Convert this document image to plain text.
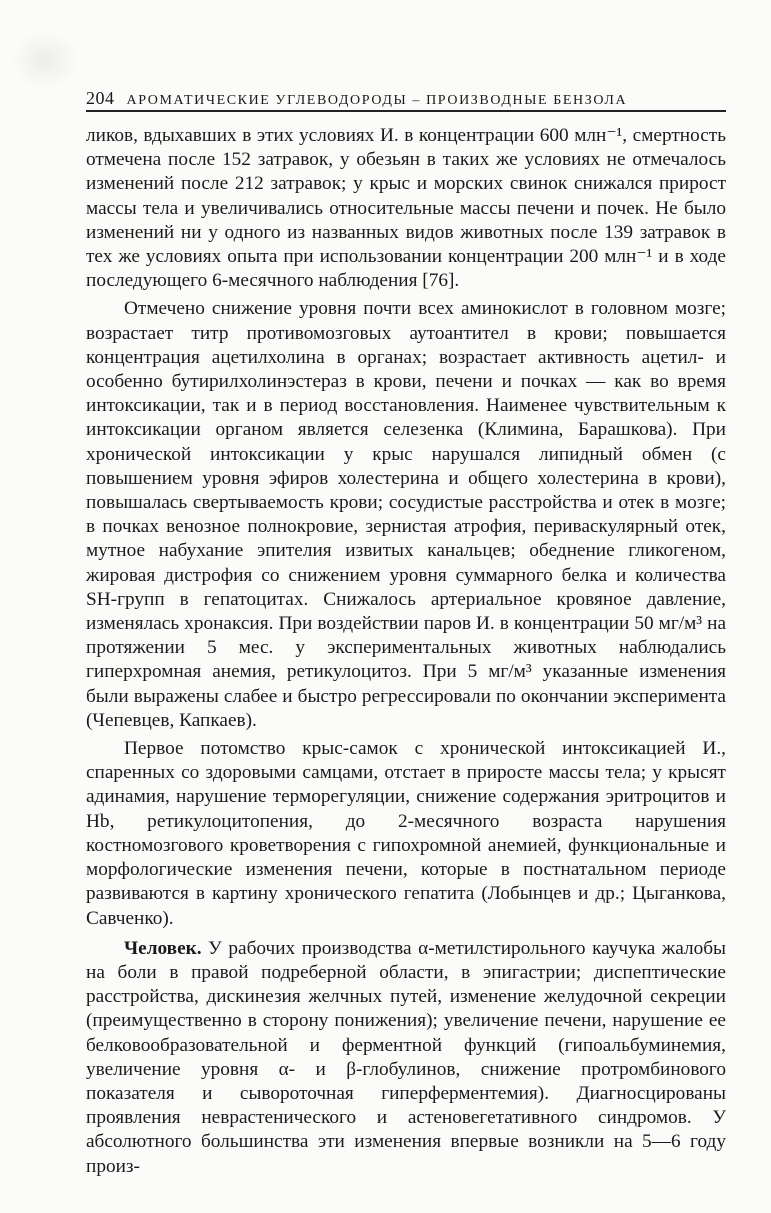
204 АРОМАТИЧЕСКИЕ УГЛЕВОДОРОДЫ – ПРОИЗВОДНЫЕ БЕНЗОЛА

ликов, вдыхавших в этих условиях И. в концентрации 600 млн⁻¹, смертность отмечена после 152 затравок, у обезьян в таких же условиях не отмечалось изменений после 212 затравок; у крыс и морских свинок снижался прирост массы тела и увеличивались относительные массы печени и почек. Не было изменений ни у одного из названных видов животных после 139 затравок в тех же условиях опыта при использовании концентрации 200 млн⁻¹ и в ходе последующего 6-месячного наблюдения [76].

Отмечено снижение уровня почти всех аминокислот в головном мозге; возрастает титр противомозговых аутоантител в крови; повышается концентрация ацетилхолина в органах; возрастает активность ацетил- и особенно бутирилхолинэстераз в крови, печени и почках — как во время интоксикации, так и в период восстановления. Наименее чувствительным к интоксикации органом является селезенка (Климина, Барашкова). При хронической интоксикации у крыс нарушался липидный обмен (с повышением уровня эфиров холестерина и общего холестерина в крови), повышалась свертываемость крови; сосудистые расстройства и отек в мозге; в почках венозное полнокровие, зернистая атрофия, периваскулярный отек, мутное набухание эпителия извитых канальцев; обеднение гликогеном, жировая дистрофия со снижением уровня суммарного белка и количества SH-групп в гепатоцитах. Снижалось артериальное кровяное давление, изменялась хронаксия. При воздействии паров И. в концентрации 50 мг/м³ на протяжении 5 мес. у экспериментальных животных наблюдались гиперхромная анемия, ретикулоцитоз. При 5 мг/м³ указанные изменения были выражены слабее и быстро регрессировали по окончании эксперимента (Чепевцев, Капкаев).

Первое потомство крыс-самок с хронической интоксикацией И., спаренных со здоровыми самцами, отстает в приросте массы тела; у крысят адинамия, нарушение терморегуляции, снижение содержания эритроцитов и Hb, ретикулоцитопения, до 2-месячного возраста нарушения костномозгового кроветворения с гипохромной анемией, функциональные и морфологические изменения печени, которые в постнатальном периоде развиваются в картину хронического гепатита (Лобынцев и др.; Цыганкова, Савченко).

Человек. У рабочих производства α-метилстирольного каучука жалобы на боли в правой подреберной области, в эпигастрии; диспептические расстройства, дискинезия желчных путей, изменение желудочной секреции (преимущественно в сторону понижения); увеличение печени, нарушение ее белковообразовательной и ферментной функций (гипоальбуминемия, увеличение уровня α- и β-глобулинов, снижение протромбинового показателя и сывороточная гиперферментемия). Диагносцированы проявления неврастенического и астеновегетативного синдромов. У абсолютного большинства эти изменения впервые возникли на 5—6 году произ-
